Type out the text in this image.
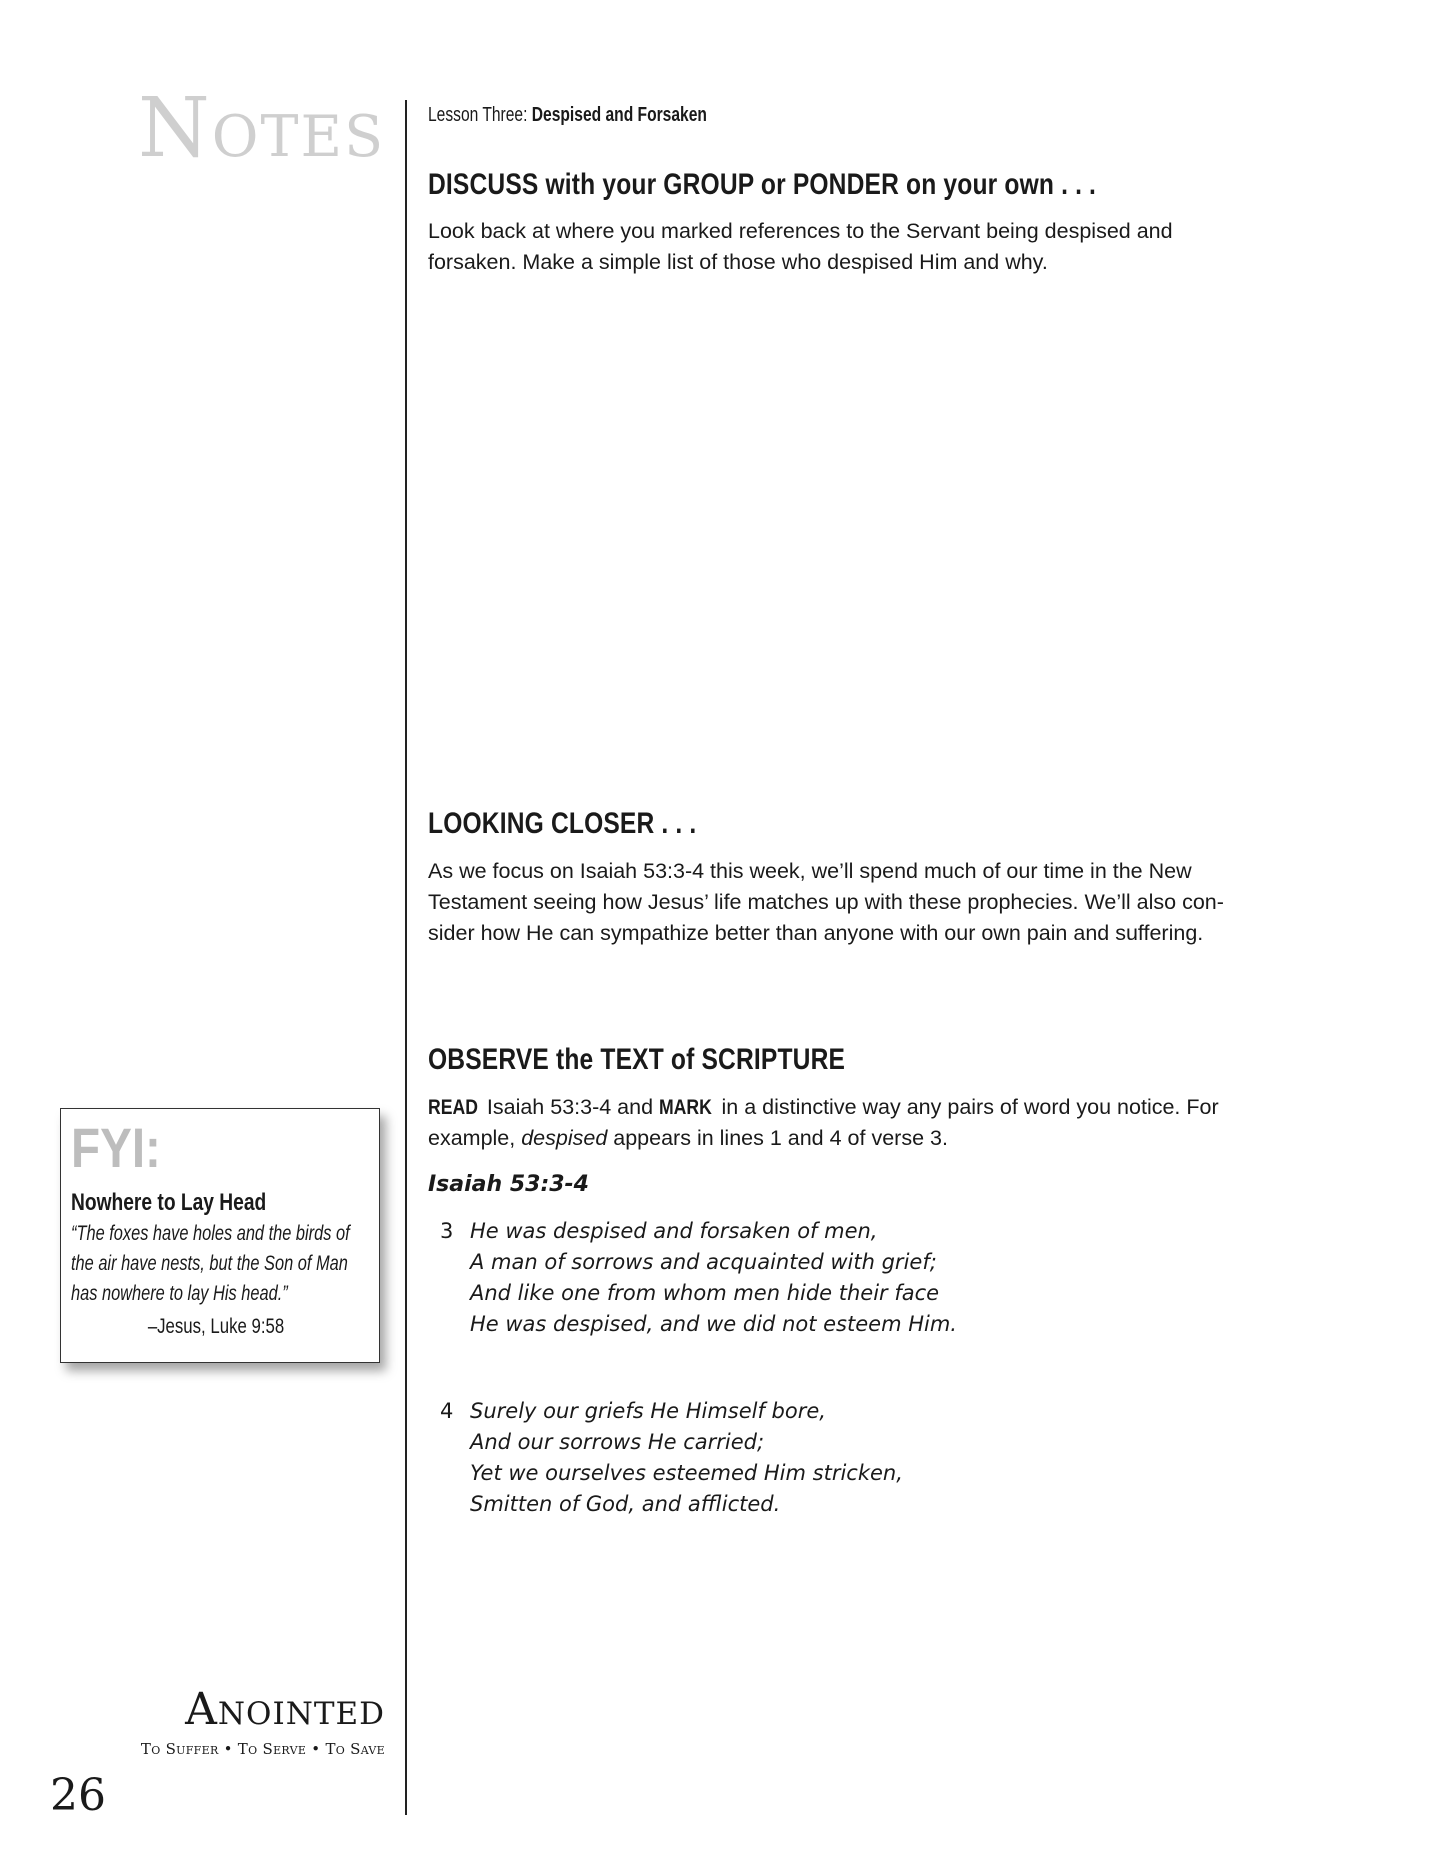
Notes Lesson Three: Despised and Forsaken
DISCUSS with your GROUP or PONDER on your own . . .
Look back at where you marked references to the Servant being despised and
forsaken. Make a simple list of those who despised Him and why.
LOOKING CLOSER . . .
As we focus on Isaiah 53:3-4 this week, we’ll spend much of our time in the New
Testament seeing how Jesus’ life matches up with these prophecies. We’ll also con-
sider how He can sympathize better than anyone with our own pain and suffering.
OBSERVE the TEXT of SCRIPTURE
READ Isaiah 53:3-4 and MARK in a distinctive way any pairs of word you notice. For
example, despised appears in lines 1 and 4 of verse 3.
Isaiah 53:3-4
3 He was despised and forsaken of men,
A man of sorrows and acquainted with grief;
And like one from whom men hide their face
He was despised, and we did not esteem Him.
4 Surely our griefs He Himself bore,
And our sorrows He carried;
Yet we ourselves esteemed Him stricken,
Smitten of God, and afflicted.
FYI:
Nowhere to Lay Head
“The foxes have holes and the birds of
the air have nests, but the Son of Man
has nowhere to lay His head.”
–Jesus, Luke 9:58
Anointed
To Suffer • To Serve • To Save
26
